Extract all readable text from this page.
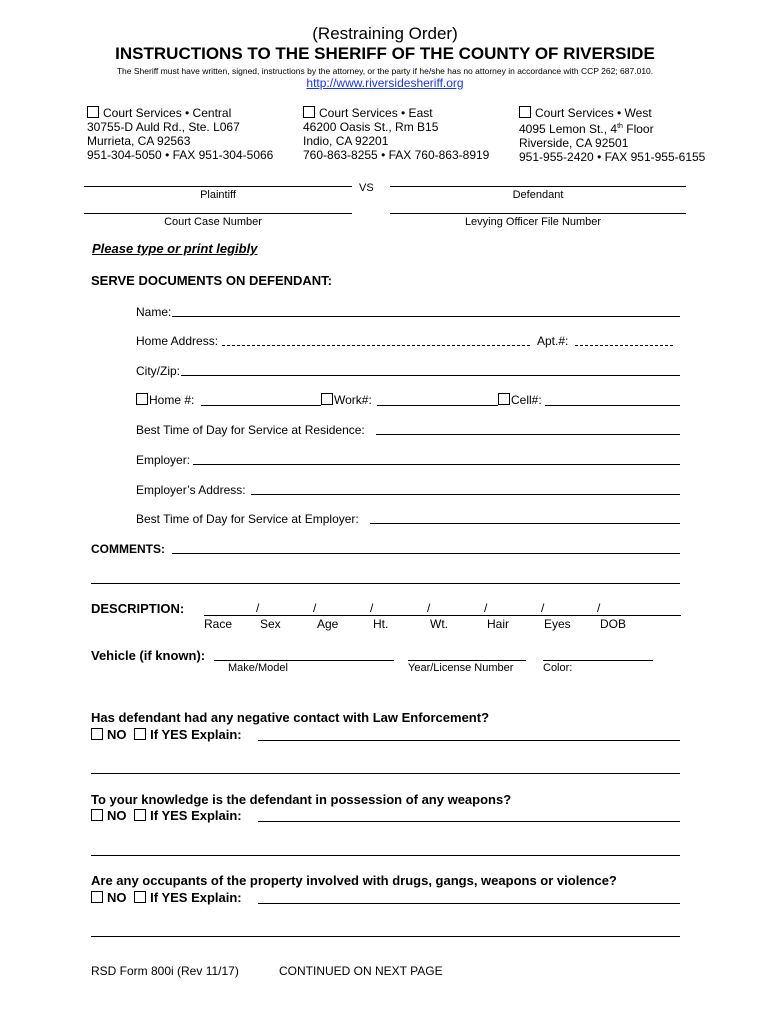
(Restraining Order)
INSTRUCTIONS TO THE SHERIFF OF THE COUNTY OF RIVERSIDE
The Sheriff must have written, signed, instructions by the attorney, or the party if he/she has no attorney in accordance with CCP 262; 687.010.
http://www.riversidesheriff.org
Court Services • Central
30755-D Auld Rd., Ste. L067
Murrieta, CA 92563
951-304-5050 • FAX 951-304-5066
Court Services • East
46200 Oasis St., Rm B15
Indio, CA 92201
760-863-8255 • FAX 760-863-8919
Court Services • West
4095 Lemon St., 4th Floor
Riverside, CA 92501
951-955-2420 • FAX 951-955-6155
Plaintiff
VS
Defendant
Court Case Number	Levying Officer File Number
Please type or print legibly
SERVE DOCUMENTS ON DEFENDANT:
Name:
Home Address:	Apt.#:
City/Zip:
Home #:	Work#:	Cell#:
Best Time of Day for Service at Residence:
Employer:
Employer’s Address:
Best Time of Day for Service at Employer:
COMMENTS:
DESCRIPTION:	/	/	/	/	/	/	/
Race Sex	Age	Ht.	Wt.	Hair	Eyes DOB
Vehicle (if known):
Make/Model	Year/License Number	Color:
Has defendant had any negative contact with Law Enforcement?
NO If YES Explain:
To your knowledge is the defendant in possession of any weapons?
NO If YES Explain:
Are any occupants of the property involved with drugs, gangs, weapons or violence?
NO If YES Explain:
RSD Form 800i (Rev 11/17)	CONTINUED ON NEXT PAGE
